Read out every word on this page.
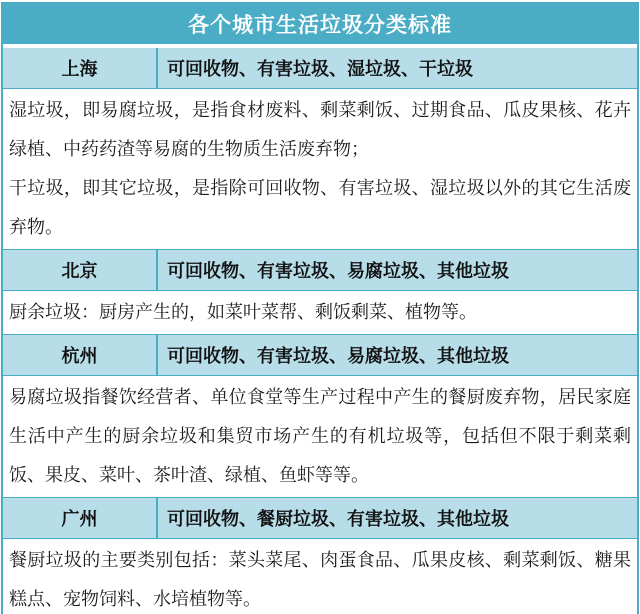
各个城市生活垃圾分类标准
上海	可回收物、有害垃圾、湿垃圾、干垃圾

湿垃圾，即易腐垃圾，是指食材废料、剩菜剩饭、过期食品、瓜皮果核、花卉绿植、中药药渣等易腐的生物质生活废弃物；

干垃圾，即其它垃圾，是指除可回收物、有害垃圾、湿垃圾以外的其它生活废弃物。

北京	可回收物、有害垃圾、易腐垃圾、其他垃圾

厨余垃圾：厨房产生的，如菜叶菜帮、剩饭剩菜、植物等。

杭州	可回收物、有害垃圾、易腐垃圾、其他垃圾

易腐垃圾指餐饮经营者、单位食堂等生产过程中产生的餐厨废弃物，居民家庭生活中产生的厨余垃圾和集贸市场产生的有机垃圾等，包括但不限于剩菜剩饭、果皮、菜叶、茶叶渣、绿植、鱼虾等等。

广州	可回收物、餐厨垃圾、有害垃圾、其他垃圾

餐厨垃圾的主要类别包括：菜头菜尾、肉蛋食品、瓜果皮核、剩菜剩饭、糖果糕点、宠物饲料、水培植物等。
